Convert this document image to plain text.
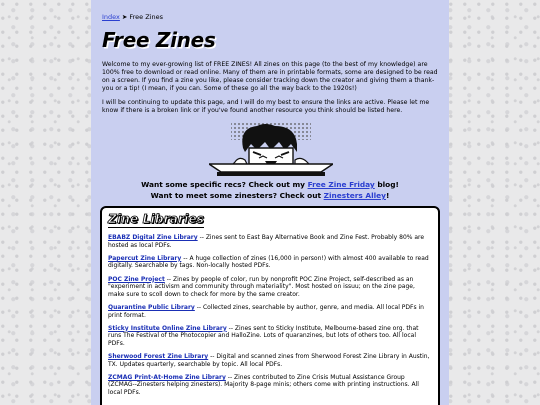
Index ➤ Free Zines
Free Zines

Welcome to my ever-growing list of FREE ZINES! All zines on this page (to the best of my knowledge) are 100% free to download or read online. Many of them are in printable formats, some are designed to be read on a screen. If you find a zine you like, please consider tracking down the creator and giving them a thank-you or a tip! (I mean, if you can. Some of these go all the way back to the 1920s!)

I will be continuing to update this page, and I will do my best to ensure the links are active. Please let me know if there is a broken link or if you've found another resource you think should be listed here.

Want some specific recs? Check out my Free Zine Friday blog!
Want to meet some zinesters? Check out Zinesters Alley!
Zine Libraries
EBABZ Digital Zine Library -- Zines sent to East Bay Alternative Book and Zine Fest. Probably 80% are hosted as local PDFs.
Papercut Zine Library -- A huge collection of zines (16,000 in person!) with almost 400 available to read digitally. Searchable by tags. Non-locally hosted PDFs.
POC Zine Project -- Zines by people of color, run by nonprofit POC Zine Project, self-described as an "experiment in activism and community through materiality". Most hosted on issuu; on the zine page, make sure to scoll down to check for more by the same creator.
Quarantine Public Library -- Collected zines, searchable by author, genre, and media. All local PDFs in print format.
Sticky Institute Online Zine Library -- Zines sent to Sticky Institute, Melbourne-based zine org. that runs The Festival of the Photocopier and HalloZine. Lots of quaranzines, but lots of others too. All local PDFs.
Sherwood Forest Zine Library -- Digital and scanned zines from Sherwood Forest Zine Library in Austin, TX. Updates quarterly, searchable by topic. All local PDFs.
ZCMAG Print-At-Home Zine Library -- Zines contributed to Zine Crisis Mutual Assistance Group (ZCMAG--Zinesters helping zinesters). Majority 8-page minis; others come with printing instructions. All local PDFs.
